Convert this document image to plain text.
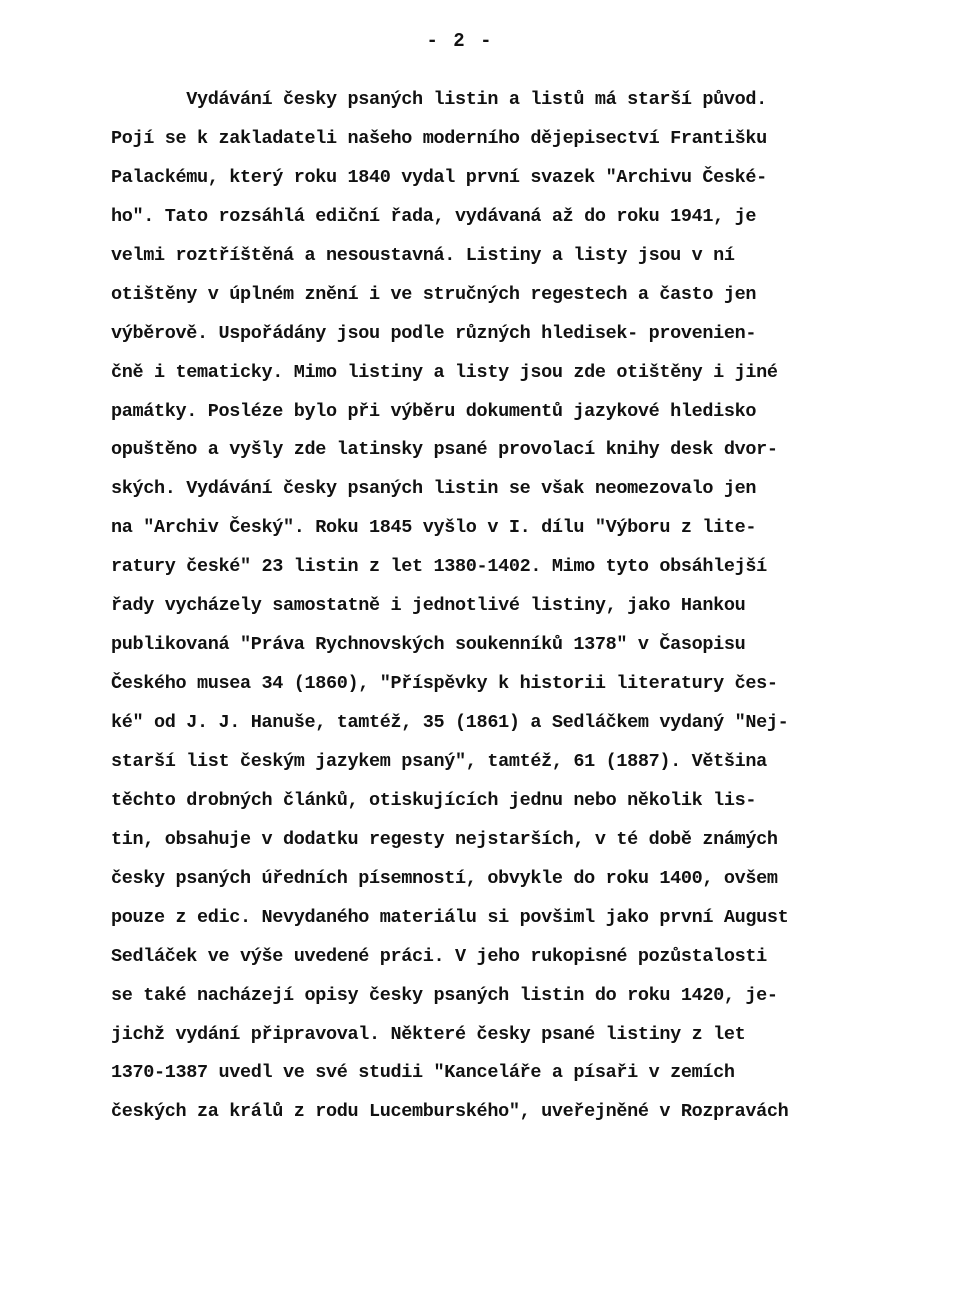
- 2 -
Vydávání česky psaných listin a listů má starší původ.
Pojí se k zakladateli našeho moderního dějepisectví Františku
Palackému, který roku 1840 vydal první svazek "Archivu České-
ho". Tato rozsáhlá ediční řada, vydávaná až do roku 1941, je
velmi roztříštěná a nesoustavná. Listiny a listy jsou v ní
otištěny v úplném znění i ve stručných regestech a často jen
výběrově. Uspořádány jsou podle různých hledisek- provenien-
čně i tematicky. Mimo listiny a listy jsou zde otištěny i jiné
památky. Posléze bylo při výběru dokumentů jazykové hledisko
opuštěno a vyšly zde latinsky psané provolací knihy desk dvor-
ských. Vydávání česky psaných listin se však neomezovalo jen
na "Archiv Český". Roku 1845 vyšlo v I. dílu "Výboru z lite-
ratury české" 23 listin z let 1380-1402. Mimo tyto obsáhlejší
řady vycházely samostatně i jednotlivé listiny, jako Hankou
publikovaná "Práva Rychnovských soukenníků 1378" v Časopisu
Českého musea 34 (1860), "Příspěvky k historii literatury čes-
ké" od J. J. Hanuše, tamtéž, 35 (1861) a Sedláčkem vydaný "Nej-
starší list českým jazykem psaný", tamtéž, 61 (1887). Většina
těchto drobných článků, otiskujících jednu nebo několik lis-
tin, obsahuje v dodatku regesty nejstarších, v té době známých
česky psaných úředních písemností, obvykle do roku 1400, ovšem
pouze z edic. Nevydaného materiálu si povšiml jako první August
Sedláček ve výše uvedené práci. V jeho rukopisné pozůstalosti
se také nacházejí opisy česky psaných listin do roku 1420, je-
jichž vydání připravoval. Některé česky psané listiny z let
1370-1387 uvedl ve své studii "Kanceláře a písaři v zemích
českých za králů z rodu Lucemburského", uveřejněné v Rozpravách
